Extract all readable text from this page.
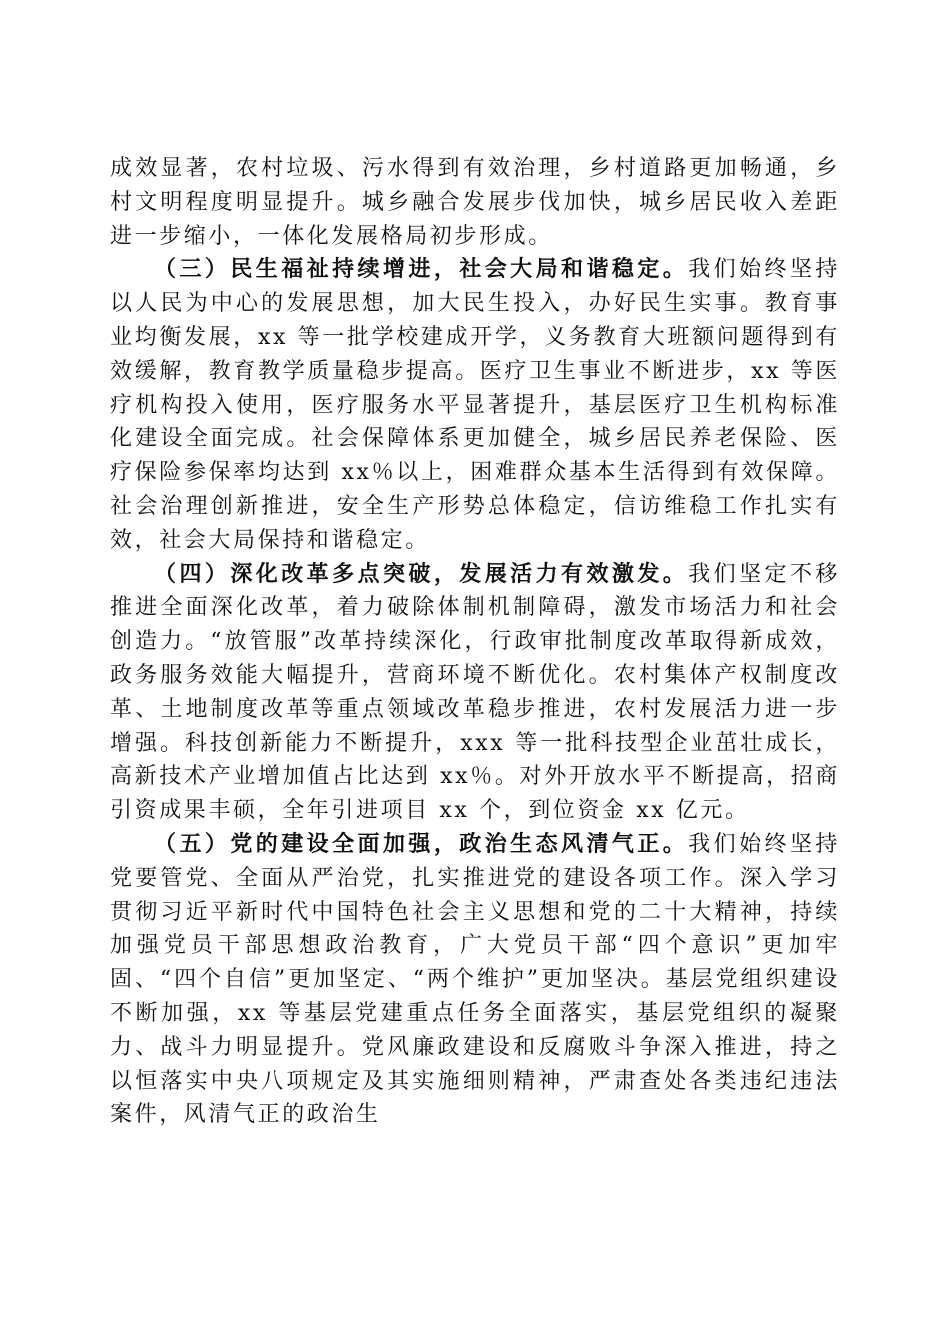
成效显著，农村垃圾、污水得到有效治理，乡村道路更加畅通，乡村文明程度明显提升。城乡融合发展步伐加快，城乡居民收入差距进一步缩小，一体化发展格局初步形成。

（三）民生福祉持续增进，社会大局和谐稳定。我们始终坚持以人民为中心的发展思想，加大民生投入，办好民生实事。教育事业均衡发展，xx 等一批学校建成开学，义务教育大班额问题得到有效缓解，教育教学质量稳步提高。医疗卫生事业不断进步，xx 等医疗机构投入使用，医疗服务水平显著提升，基层医疗卫生机构标准化建设全面完成。社会保障体系更加健全，城乡居民养老保险、医疗保险参保率均达到 xx％以上，困难群众基本生活得到有效保障。社会治理创新推进，安全生产形势总体稳定，信访维稳工作扎实有效，社会大局保持和谐稳定。

（四）深化改革多点突破，发展活力有效激发。我们坚定不移推进全面深化改革，着力破除体制机制障碍，激发市场活力和社会创造力。“放管服”改革持续深化，行政审批制度改革取得新成效，政务服务效能大幅提升，营商环境不断优化。农村集体产权制度改革、土地制度改革等重点领域改革稳步推进，农村发展活力进一步增强。科技创新能力不断提升，xxx 等一批科技型企业茁壮成长，高新技术产业增加值占比达到 xx％。对外开放水平不断提高，招商引资成果丰硕，全年引进项目 xx 个，到位资金 xx 亿元。

（五）党的建设全面加强，政治生态风清气正。我们始终坚持党要管党、全面从严治党，扎实推进党的建设各项工作。深入学习贯彻习近平新时代中国特色社会主义思想和党的二十大精神，持续加强党员干部思想政治教育，广大党员干部“四个意识”更加牢固、“四个自信”更加坚定、“两个维护”更加坚决。基层党组织建设不断加强，xx 等基层党建重点任务全面落实，基层党组织的凝聚力、战斗力明显提升。党风廉政建设和反腐败斗争深入推进，持之以恒落实中央八项规定及其实施细则精神，严肃查处各类违纪违法案件，风清气正的政治生
